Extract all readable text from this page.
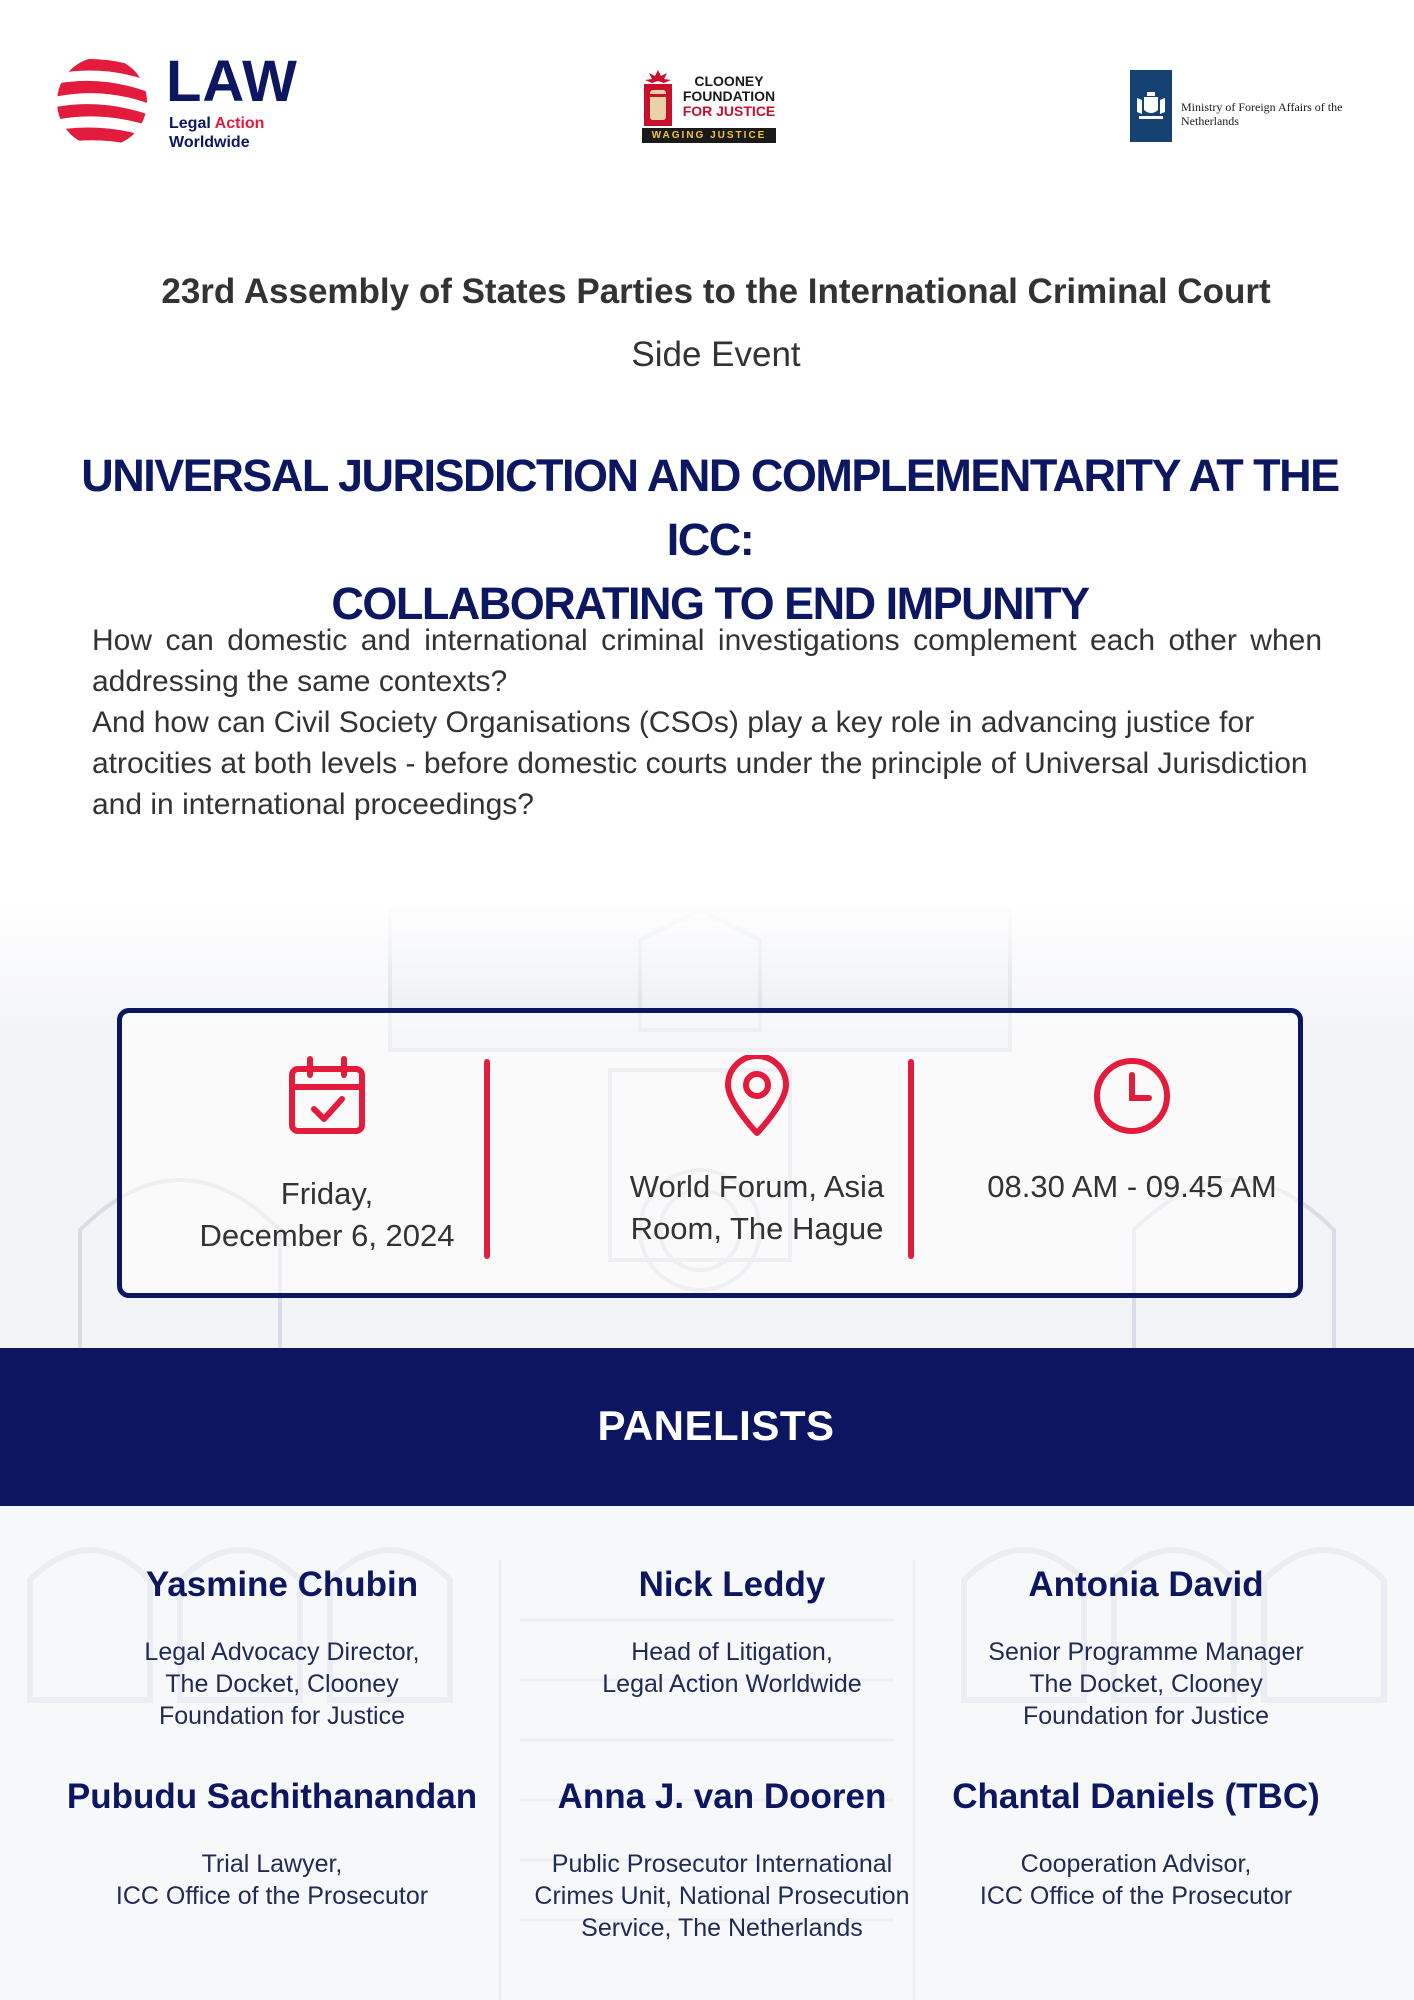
LAW
Legal Action
Worldwide
CLOONEY
FOUNDATION
FOR JUSTICE
WAGING JUSTICE
Ministry of Foreign Affairs of the
Netherlands
23rd Assembly of States Parties to the International Criminal Court
Side Event
UNIVERSAL JURISDICTION AND COMPLEMENTARITY AT THE ICC:
COLLABORATING TO END IMPUNITY

How can domestic and international criminal investigations complement each other when addressing the same contexts?

And how can Civil Society Organisations (CSOs) play a key role in advancing justice for atrocities at both levels - before domestic courts under the principle of Universal Jurisdiction and in international proceedings?

Friday,
December 6, 2024
World Forum, Asia
Room, The Hague
08.30 AM - 09.45 AM
PANELISTS
Yasmine Chubin
Legal Advocacy Director,
The Docket, Clooney
Foundation for Justice
Nick Leddy
Head of Litigation,
Legal Action Worldwide
Antonia David
Senior Programme Manager
The Docket, Clooney
Foundation for Justice
Pubudu Sachithanandan
Trial Lawyer,
ICC Office of the Prosecutor
Anna J. van Dooren
Public Prosecutor International
Crimes Unit, National Prosecution
Service, The Netherlands
Chantal Daniels (TBC)
Cooperation Advisor,
ICC Office of the Prosecutor
